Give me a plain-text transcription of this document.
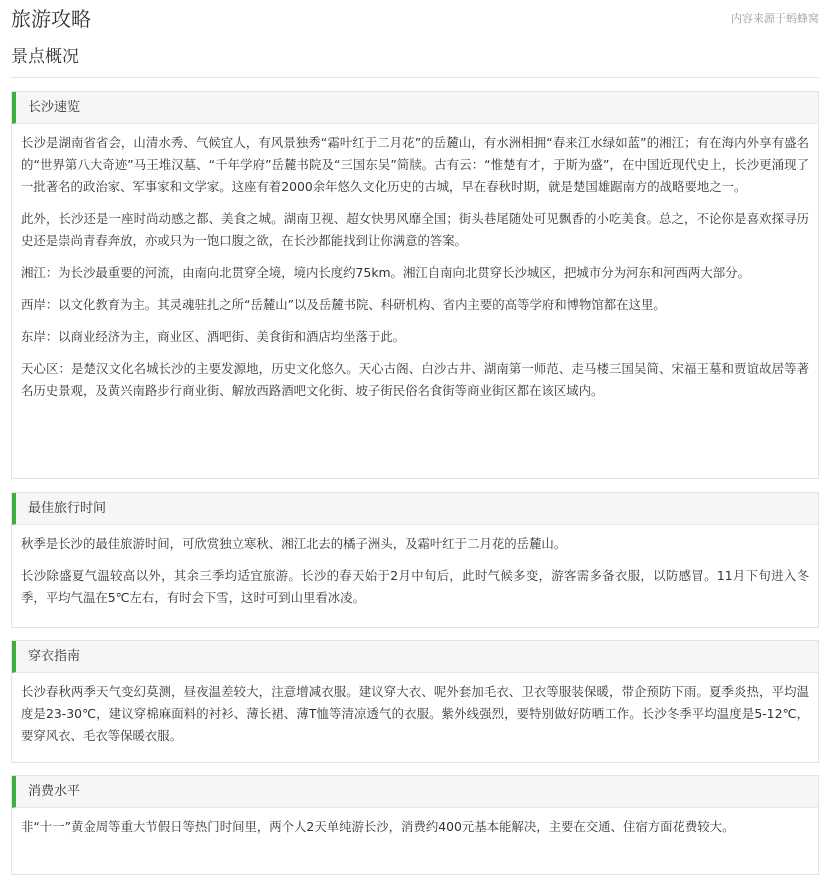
旅游攻略	内容来源于蚂蜂窝
景点概况
长沙速览

长沙是湖南省省会，山清水秀、气候宜人，有风景独秀“霜叶红于二月花”的岳麓山，有水洲相拥“春来江水绿如蓝”的湘江；有在海内外享有盛名的“世界第八大奇迹”马王堆汉墓、“千年学府”岳麓书院及“三国东吴”简牍。古有云：“惟楚有才，于斯为盛”，在中国近现代史上，长沙更涌现了一批著名的政治家、军事家和文学家。这座有着2000余年悠久文化历史的古城，早在春秋时期，就是楚国雄踞南方的战略要地之一。

此外，长沙还是一座时尚动感之都、美食之城。湖南卫视、超女快男风靡全国；街头巷尾随处可见飘香的小吃美食。总之，不论你是喜欢探寻历史还是崇尚青春奔放，亦或只为一饱口腹之欲，在长沙都能找到让你满意的答案。

湘江：为长沙最重要的河流，由南向北贯穿全境，境内长度约75km。湘江自南向北贯穿长沙城区，把城市分为河东和河西两大部分。

西岸：以文化教育为主。其灵魂驻扎之所“岳麓山”以及岳麓书院、科研机构、省内主要的高等学府和博物馆都在这里。

东岸：以商业经济为主，商业区、酒吧街、美食街和酒店均坐落于此。

天心区：是楚汉文化名城长沙的主要发源地，历史文化悠久。天心古阁、白沙古井、湖南第一师范、走马楼三国吴简、宋福王墓和贾谊故居等著名历史景观，及黄兴南路步行商业街、解放西路酒吧文化街、坡子街民俗名食街等商业街区都在该区域内。

最佳旅行时间

秋季是长沙的最佳旅游时间，可欣赏独立寒秋、湘江北去的橘子洲头，及霜叶红于二月花的岳麓山。

长沙除盛夏气温较高以外，其余三季均适宜旅游。长沙的春天始于2月中旬后，此时气候多变，游客需多备衣服，以防感冒。11月下旬进入冬季，平均气温在5℃左右，有时会下雪，这时可到山里看冰凌。

穿衣指南

长沙春秋两季天气变幻莫测，昼夜温差较大，注意增减衣服。建议穿大衣、呢外套加毛衣、卫衣等服装保暖，带企预防下雨。夏季炎热，平均温度是23-30℃，建议穿棉麻面料的衬衫、薄长裙、薄T恤等清凉透气的衣服。紫外线强烈，要特别做好防晒工作。长沙冬季平均温度是5-12℃，要穿风衣、毛衣等保暖衣服。

消费水平

非“十一”黄金周等重大节假日等热门时间里，两个人2天单纯游长沙，消费约400元基本能解决，主要在交通、住宿方面花费较大。
